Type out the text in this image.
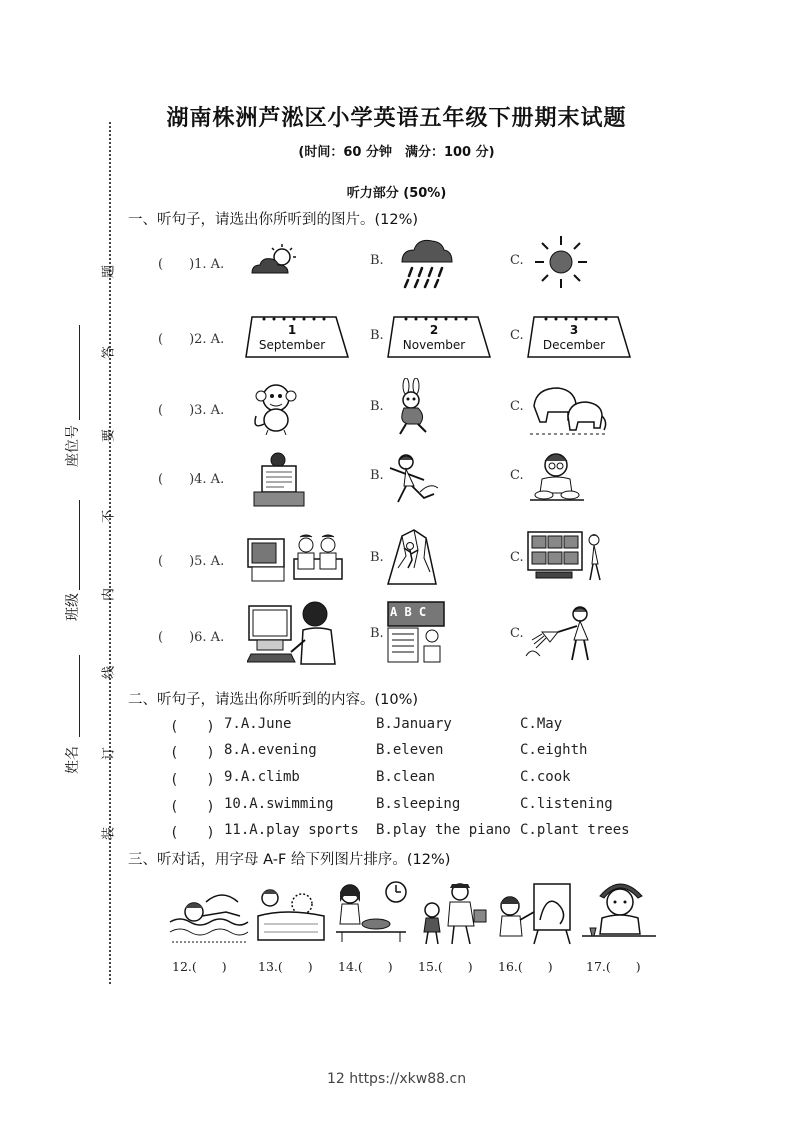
题
答
要
不
内
线
订
装
座位号
班级
姓名
湖南株洲芦淞区小学英语五年级下册期末试题
(时间：60 分钟　满分：100 分)
听力部分 (50%)
一、听句子，请选出你所听到的图片。(12%)
(　　)1. A.	B.	C.
(　　)2. A.	B.	C.
1
September
2
November
3
December
(　　)3. A.	B.	C.
(　　)4. A.	B.	C.
(　　)5. A.	B.	C.
(　　)6. A.	B.	C.
A B C
二、听句子，请选出你所听到的内容。(10%)
(　　) 7.A.June	B.January	C.May
(　　) 8.A.evening	B.eleven	C.eighth
(　　) 9.A.climb	B.clean	C.cook
(　　) 10.A.swimming	B.sleeping	C.listening
(　　) 11.A.play sports B.play the piano C.plant trees
三、听对话，用字母 A-F 给下列图片排序。(12%)
12.(　　)	13.(　　) 14.(　　) 15.(　　) 16.(　　)	17.(　　)
12 https://xkw88.cn
